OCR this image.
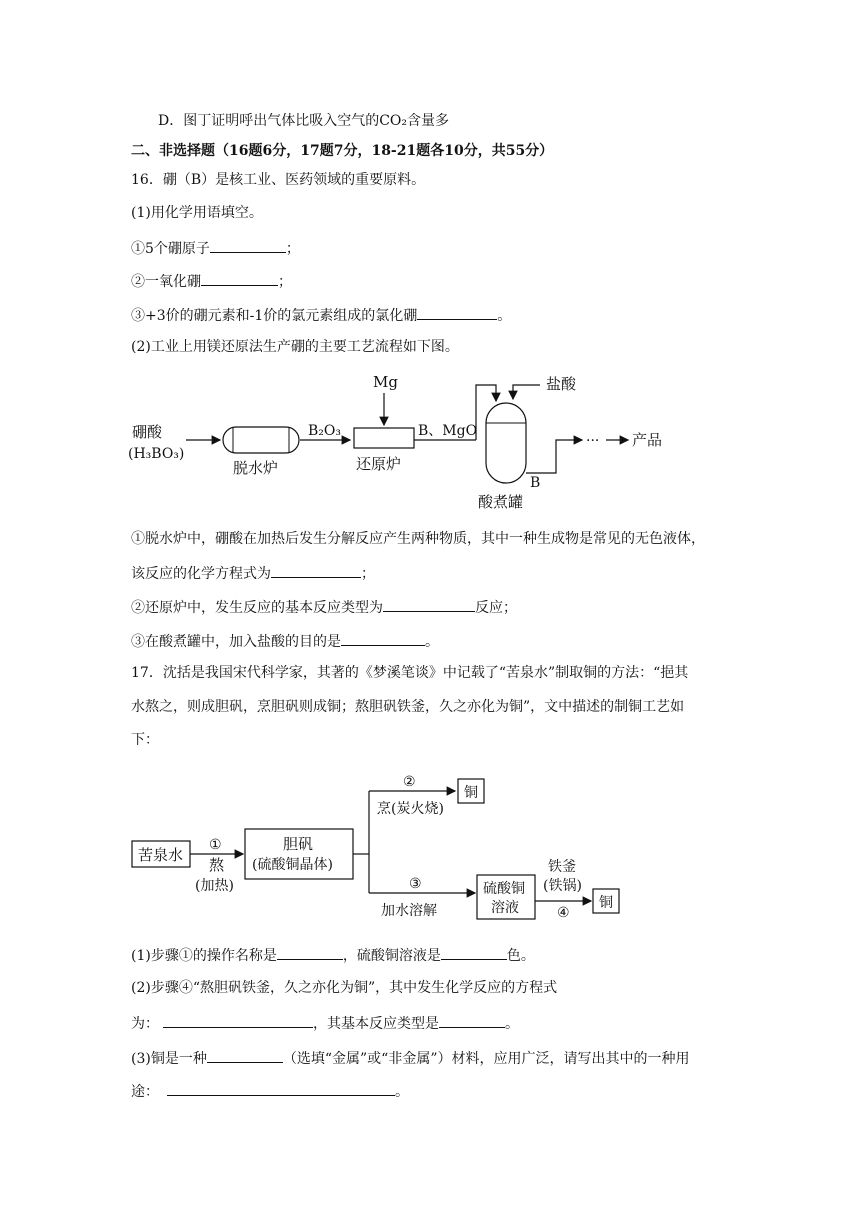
D．图丁证明呼出气体比吸入空气的CO₂含量多
二、非选择题（16题6分，17题7分，18-21题各10分，共55分）
16．硼（B）是核工业、医药领域的重要原料。
(1)用化学用语填空。
①5个硼原子	；
②一氧化硼	；
③+3价的硼元素和-1价的氯元素组成的氯化硼	。
(2)工业上用镁还原法生产硼的主要工艺流程如下图。
硼酸
(H₃BO₃)
脱水炉
B₂O₃
Mg
还原炉
B、MgO
盐酸
酸煮罐
B
··· 产品
①脱水炉中，硼酸在加热后发生分解反应产生两种物质，其中一种生成物是常见的无色液体，
该反应的化学方程式为	；
②还原炉中，发生反应的基本反应类型为	反应；
③在酸煮罐中，加入盐酸的目的是	。
17．沈括是我国宋代科学家，其著的《梦溪笔谈》中记载了“苦泉水”制取铜的方法：“挹其
水熬之，则成胆矾，烹胆矾则成铜；熬胆矾铁釜，久之亦化为铜”，文中描述的制铜工艺如
下：
苦泉水
①
熬
(加热)
胆矾
(硫酸铜晶体)
②
烹(炭火烧)
铜
③
加水溶解
硫酸铜
溶液
铁釜
(铁锅)
④
铜
(1)步骤①的操作名称是	，硫酸铜溶液是	色。
(2)步骤④“熬胆矾铁釜，久之亦化为铜”，其中发生化学反应的方程式
为：	，其基本反应类型是	。
(3)铜是一种	（选填“金属”或“非金属”）材料，应用广泛，请写出其中的一种用
途：	。
